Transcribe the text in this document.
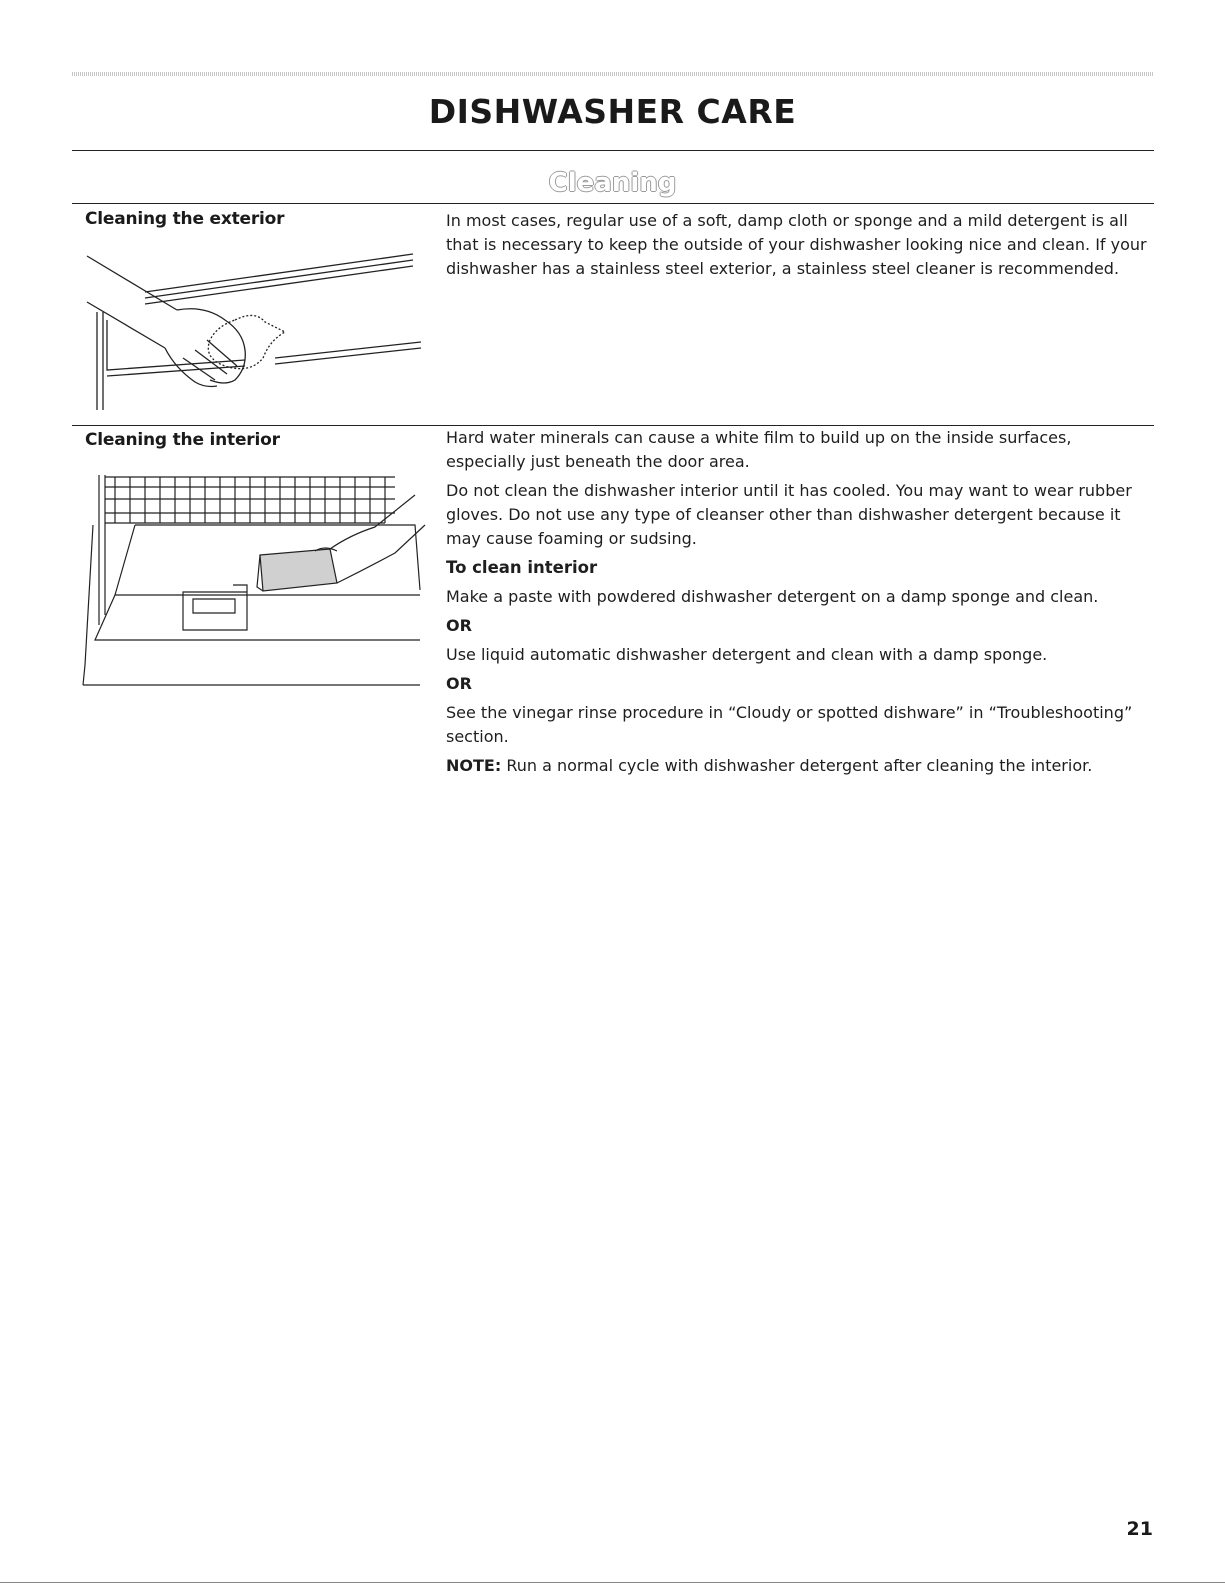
DISHWASHER CARE
Cleaning
Cleaning the exterior	In most cases, regular use of a soft, damp cloth or sponge and a mild detergent is all that is necessary to keep the outside of your dishwasher looking nice and clean. If your dishwasher has a stainless steel exterior, a stainless steel cleaner is recommended.

Cleaning the interior	Hard water minerals can cause a white film to build up on the inside surfaces, especially just beneath the door area.

Do not clean the dishwasher interior until it has cooled. You may want to wear rubber gloves. Do not use any type of cleanser other than dishwasher detergent because it may cause foaming or sudsing.

To clean interior

Make a paste with powdered dishwasher detergent on a damp sponge and clean.

OR

Use liquid automatic dishwasher detergent and clean with a damp sponge.

OR

See the vinegar rinse procedure in “Cloudy or spotted dishware” in “Troubleshooting” section.

NOTE: Run a normal cycle with dishwasher detergent after cleaning the interior.

21
